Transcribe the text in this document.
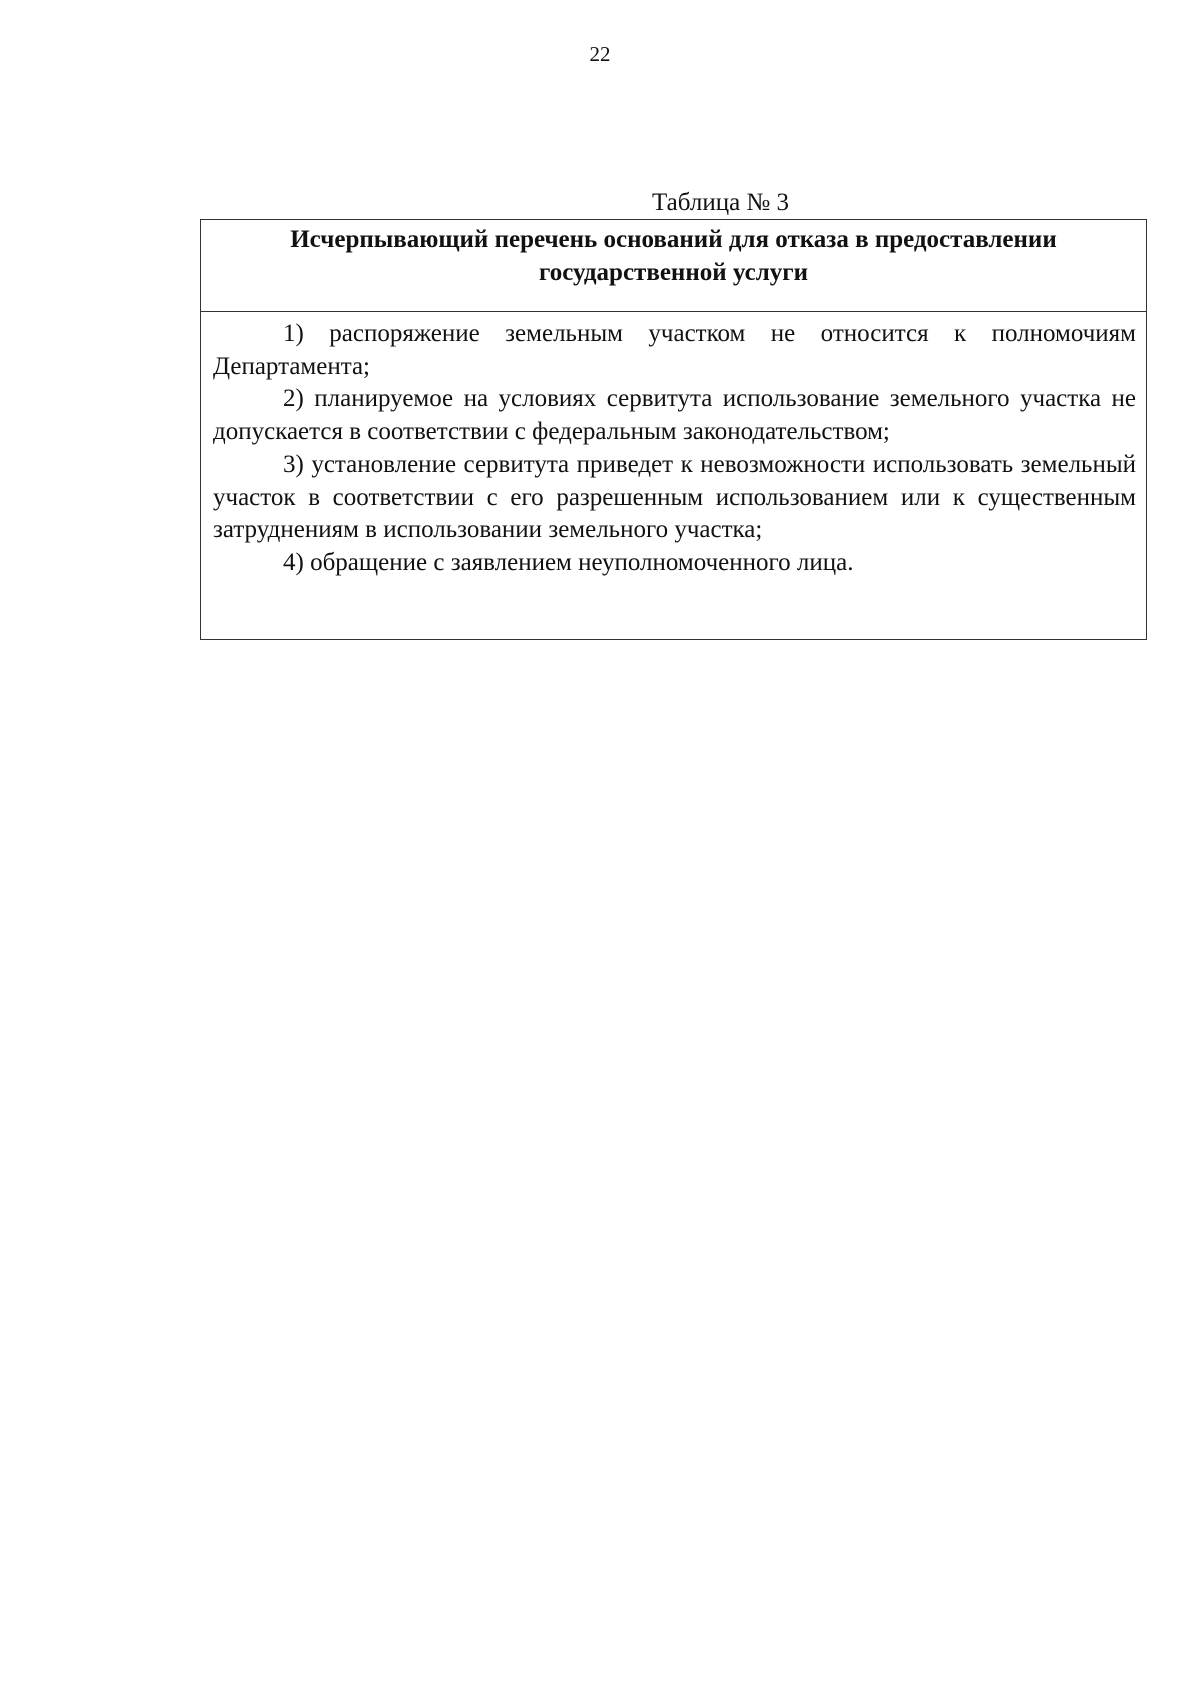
22
Таблица № 3
Исчерпывающий перечень оснований для отказа в предоставлении государственной услуги

1) распоряжение земельным участком не относится к полномочиям Департамента;

2) планируемое на условиях сервитута использование земельного участка не допускается в соответствии с федеральным законодательством;

3) установление сервитута приведет к невозможности использовать земельный участок в соответствии с его разрешенным использованием или к существенным затруднениям в использовании земельного участка;

4) обращение с заявлением неуполномоченного лица.
